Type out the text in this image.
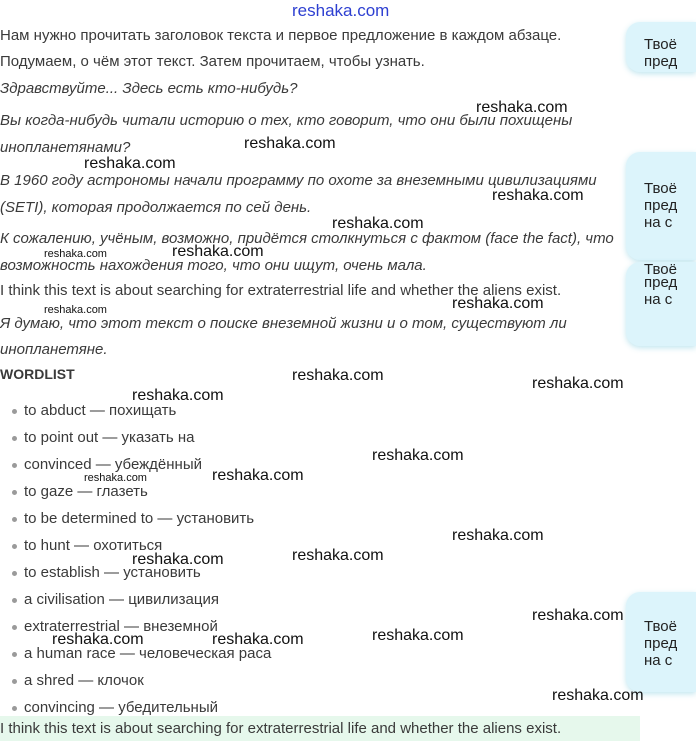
reshaka.com
Нам нужно прочитать заголовок текста и первое предложение в каждом абзаце.
Подумаем, о чём этот текст. Затем прочитаем, чтобы узнать.
Здравствуйте... Здесь есть кто-нибудь?
Вы когда-нибудь читали историю о тех, кто говорит, что они были похищены
инопланетянами?
В 1960 году астрономы начали программу по охоте за внеземными цивилизациями
(SETI), которая продолжается по сей день.
К сожалению, учёным, возможно, придётся столкнуться с фактом (face the fact), что
возможность нахождения того, что они ищут, очень мала.
I think this text is about searching for extraterrestrial life and whether the aliens exist.
Я думаю, что этот текст о поиске внеземной жизни и о том, существуют ли
инопланетяне.
WORDLIST
to abduct — похищать
to point out — указать на
convinced — убеждённый
to gaze — глазеть
to be determined to — установить
to hunt — охотиться
to establish — установить
a civilisation — цивилизация
extraterrestrial — внеземной
a human race — человеческая раса
a shred — клочок
convincing — убедительный
I think this text is about searching for extraterrestrial life and whether the aliens exist.
Твоё
пред
Твоё
пред
на с
Твоё
пред
на с
Твоё
пред
на с
reshaka.com
reshaka.com
reshaka.com
reshaka.com
reshaka.com
reshaka.com	reshaka.com
reshaka.com
reshaka.com
reshaka.com	reshaka.com
reshaka.com
reshaka.com
reshaka.com
reshaka.com
reshaka.com
reshaka.com
reshaka.com
reshaka.com
reshaka.com
reshaka.com	reshaka.com
reshaka.com
